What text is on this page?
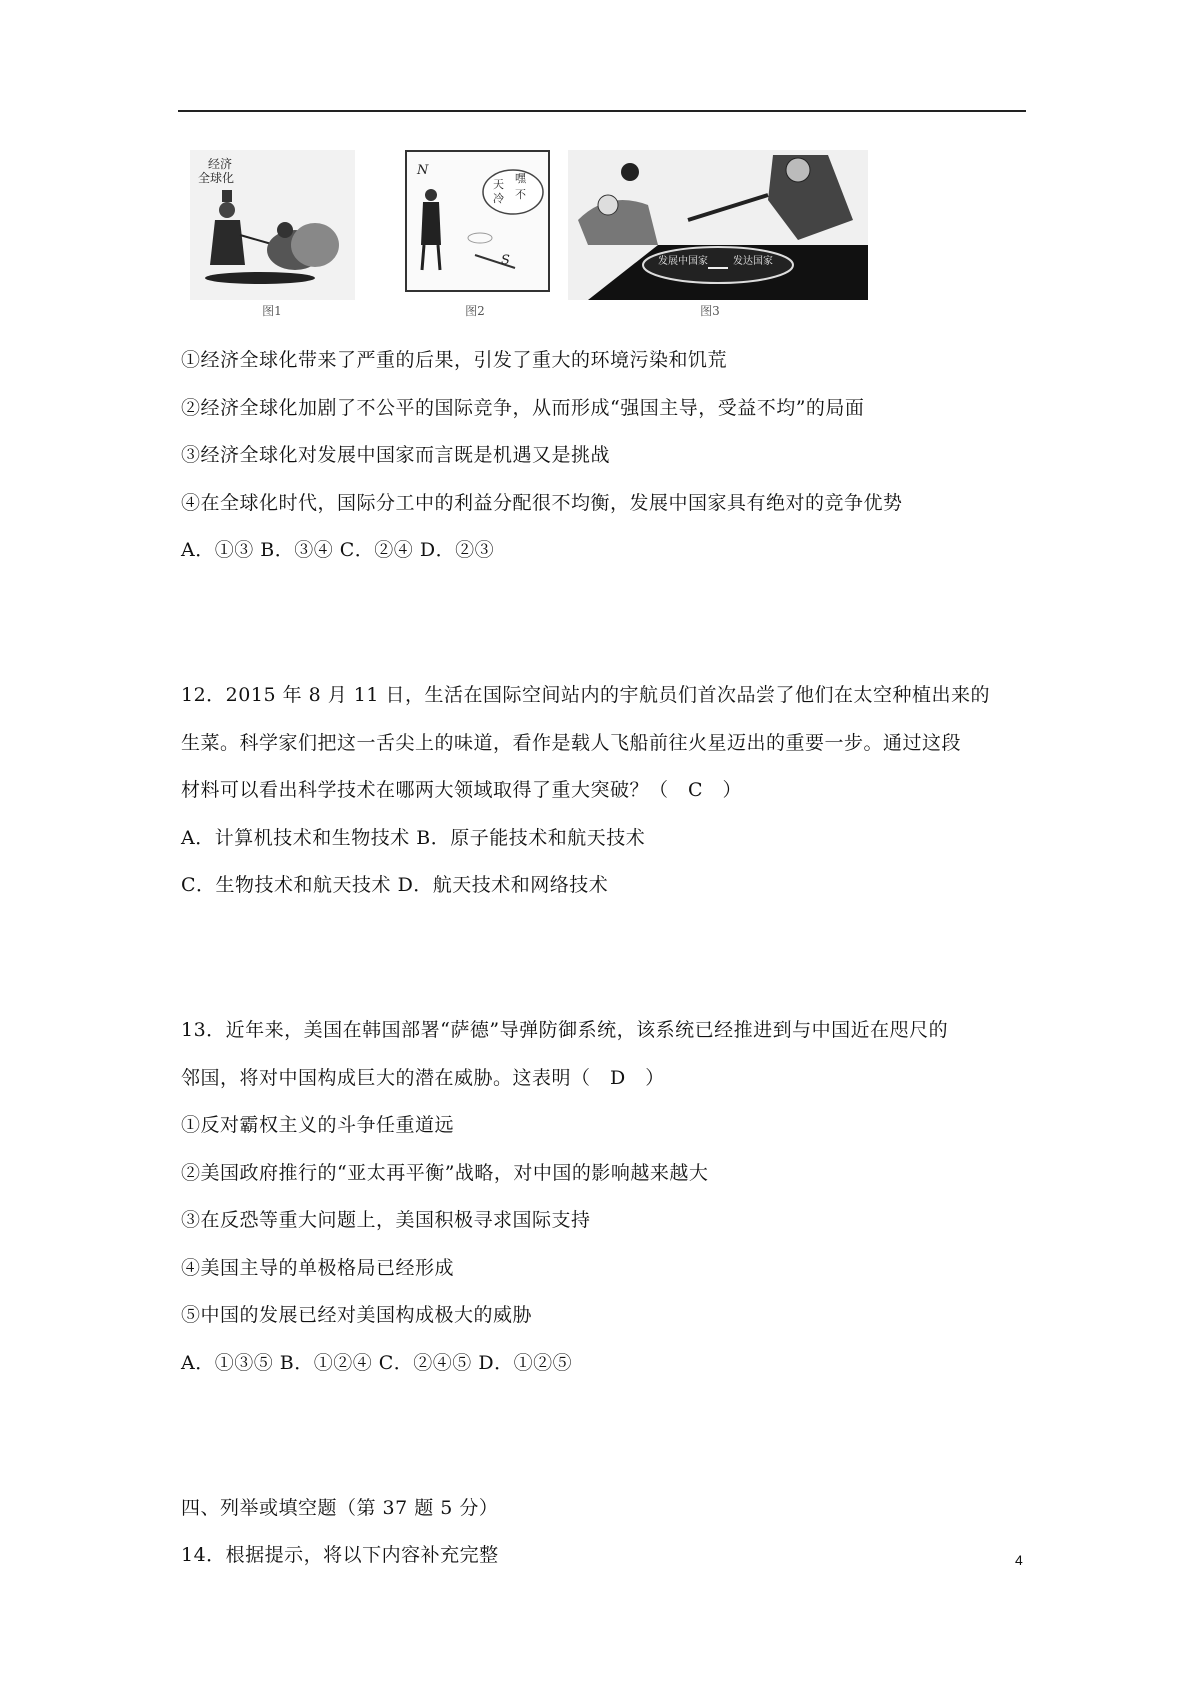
经济
全球化
图1
N
天
冷
嘿
不
S
图2
发展中国家	发达国家
图3
①经济全球化带来了严重的后果，引发了重大的环境污染和饥荒
②经济全球化加剧了不公平的国际竞争，从而形成“强国主导，受益不均”的局面
③经济全球化对发展中国家而言既是机遇又是挑战
④在全球化时代，国际分工中的利益分配很不均衡，发展中国家具有绝对的竞争优势
A．①③ B．③④ C．②④ D．②③
12．2015 年 8 月 11 日，生活在国际空间站内的宇航员们首次品尝了他们在太空种植出来的
生菜。科学家们把这一舌尖上的味道，看作是载人飞船前往火星迈出的重要一步。通过这段
材料可以看出科学技术在哪两大领域取得了重大突破？（　C　）
A．计算机技术和生物技术 B．原子能技术和航天技术
C．生物技术和航天技术 D．航天技术和网络技术
13．近年来，美国在韩国部署“萨德”导弹防御系统，该系统已经推进到与中国近在咫尺的
邻国，将对中国构成巨大的潜在威胁。这表明（　D　）
①反对霸权主义的斗争任重道远
②美国政府推行的“亚太再平衡”战略，对中国的影响越来越大
③在反恐等重大问题上，美国积极寻求国际支持
④美国主导的单极格局已经形成
⑤中国的发展已经对美国构成极大的威胁
A．①③⑤ B．①②④ C．②④⑤ D．①②⑤
四、列举或填空题（第 37 题 5 分）
14．根据提示，将以下内容补充完整	4
